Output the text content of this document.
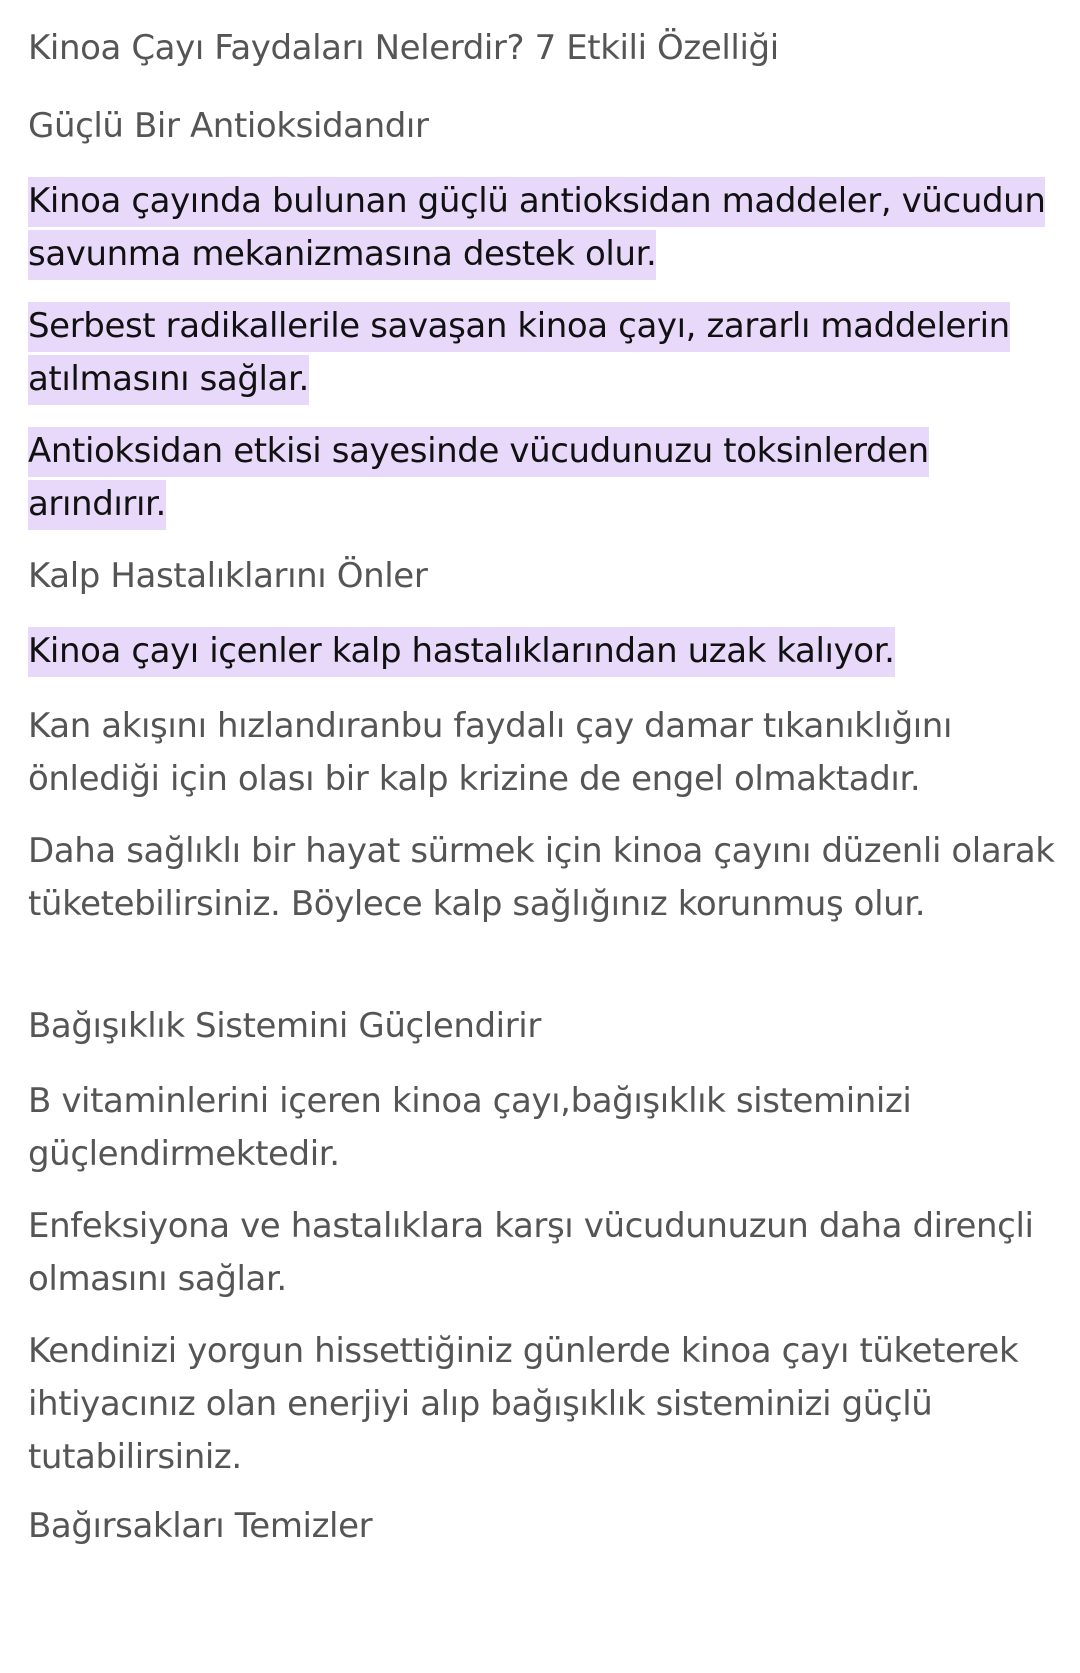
Kinoa Çayı Faydaları Nelerdir? 7 Etkili Özelliği

Güçlü Bir Antioksidandır

Kinoa çayında bulunan güçlü antioksidan maddeler, vücudun savunma mekanizmasına destek olur.

Serbest radikallerile savaşan kinoa çayı, zararlı maddelerin atılmasını sağlar.

Antioksidan etkisi sayesinde vücudunuzu toksinlerden arındırır.

Kalp Hastalıklarını Önler

Kinoa çayı içenler kalp hastalıklarından uzak kalıyor.

Kan akışını hızlandıranbu faydalı çay damar tıkanıklığını önlediği için olası bir kalp krizine de engel olmaktadır.

Daha sağlıklı bir hayat sürmek için kinoa çayını düzenli olarak tüketebilirsiniz. Böylece kalp sağlığınız korunmuş olur.

Bağışıklık Sistemini Güçlendirir

B vitaminlerini içeren kinoa çayı,bağışıklık sisteminizi güçlendirmektedir.

Enfeksiyona ve hastalıklara karşı vücudunuzun daha dirençli olmasını sağlar.

Kendinizi yorgun hissettiğiniz günlerde kinoa çayı tüketerek ihtiyacınız olan enerjiyi alıp bağışıklık sisteminizi güçlü tutabilirsiniz.

Bağırsakları Temizler
